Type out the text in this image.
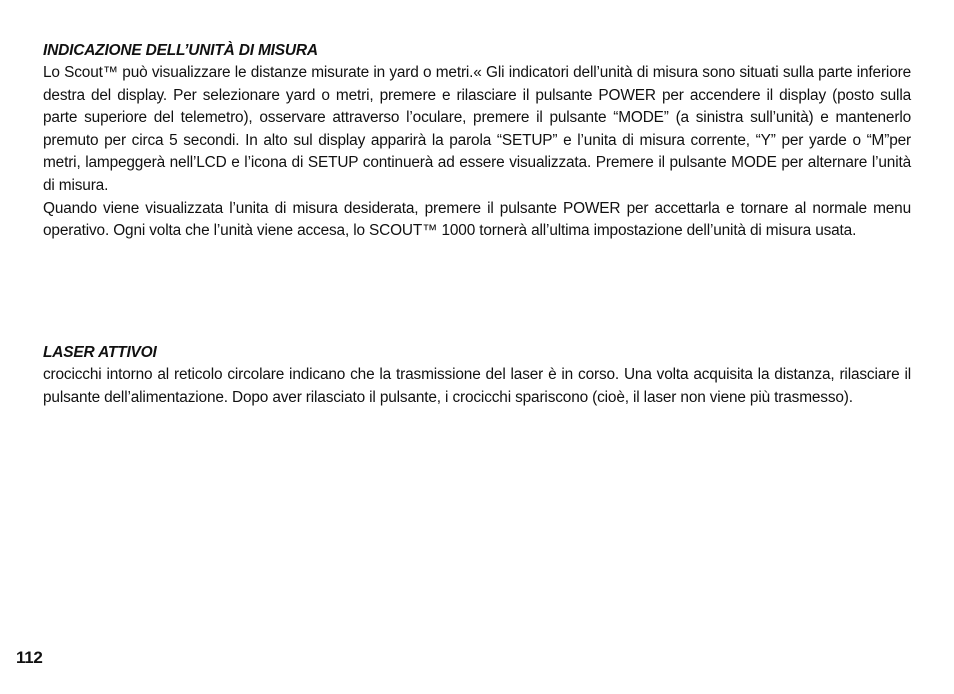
INDICAZIONE DELL’UNITÀ DI MISURA

Lo Scout™ può visualizzare le distanze misurate in yard o metri.« Gli indicatori dell’unità di misura sono situati sulla parte inferiore destra del display. Per selezionare yard o metri, premere e rilasciare il pulsante POWER per accendere il display (posto sulla parte superiore del telemetro), osservare attraverso l’oculare, premere il pulsante “MODE” (a sinistra sull’unità) e mantenerlo premuto per circa 5 secondi. In alto sul display apparirà la parola “SETUP” e l’unita di misura corrente, “Y” per yarde o “M”per metri, lampeggerà nell’LCD e l’icona di SETUP continuerà ad essere visualizzata. Premere il pulsante MODE per alternare l’unità di misura.

Quando viene visualizzata l’unita di misura desiderata, premere il pulsante POWER per accettarla e tornare al normale menu operativo. Ogni volta che l’unità viene accesa, lo SCOUT™ 1000 tornerà all’ultima impostazione dell’unità di misura usata.

LASER ATTIVOI

crocicchi intorno al reticolo circolare indicano che la trasmissione del laser è in corso. Una volta acquisita la distanza, rilasciare il pulsante dell’alimentazione. Dopo aver rilasciato il pulsante, i crocicchi spariscono (cioè, il laser non viene più trasmesso).

112
